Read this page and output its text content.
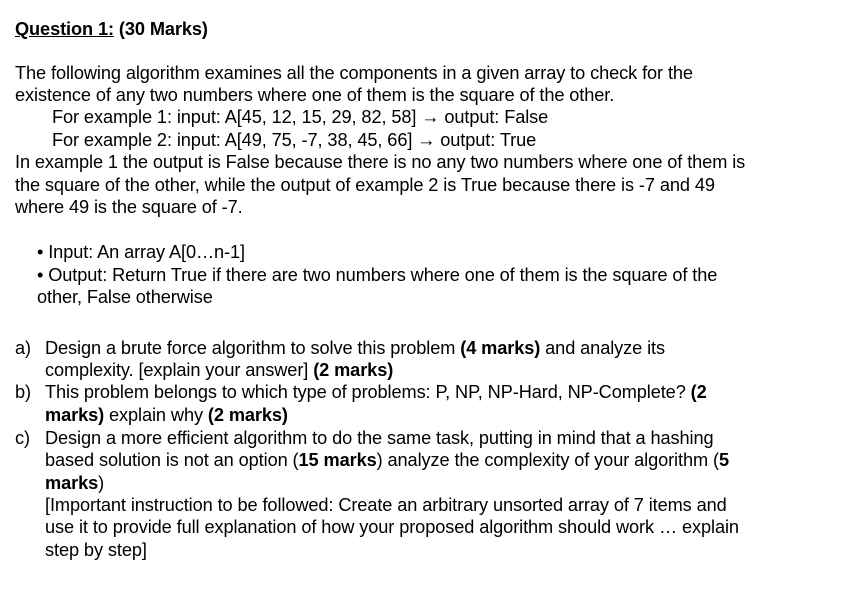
Question 1: (30 Marks)
The following algorithm examines all the components in a given array to check for the
existence of any two numbers where one of them is the square of the other.
For example 1: input: A[45, 12, 15, 29, 82, 58] → output: False
For example 2: input: A[49, 75, -7, 38, 45, 66] → output: True
In example 1 the output is False because there is no any two numbers where one of them is
the square of the other, while the output of example 2 is True because there is -7 and 49
where 49 is the square of -7.
• Input: An array A[0…n-1]
• Output: Return True if there are two numbers where one of them is the square of the
other, False otherwise
a) Design a brute force algorithm to solve this problem (4 marks) and analyze its
complexity. [explain your answer] (2 marks)
b) This problem belongs to which type of problems: P, NP, NP-Hard, NP-Complete? (2
marks) explain why (2 marks)
c) Design a more efficient algorithm to do the same task, putting in mind that a hashing
based solution is not an option (15 marks) analyze the complexity of your algorithm (5
marks)
[Important instruction to be followed: Create an arbitrary unsorted array of 7 items and
use it to provide full explanation of how your proposed algorithm should work … explain
step by step]
